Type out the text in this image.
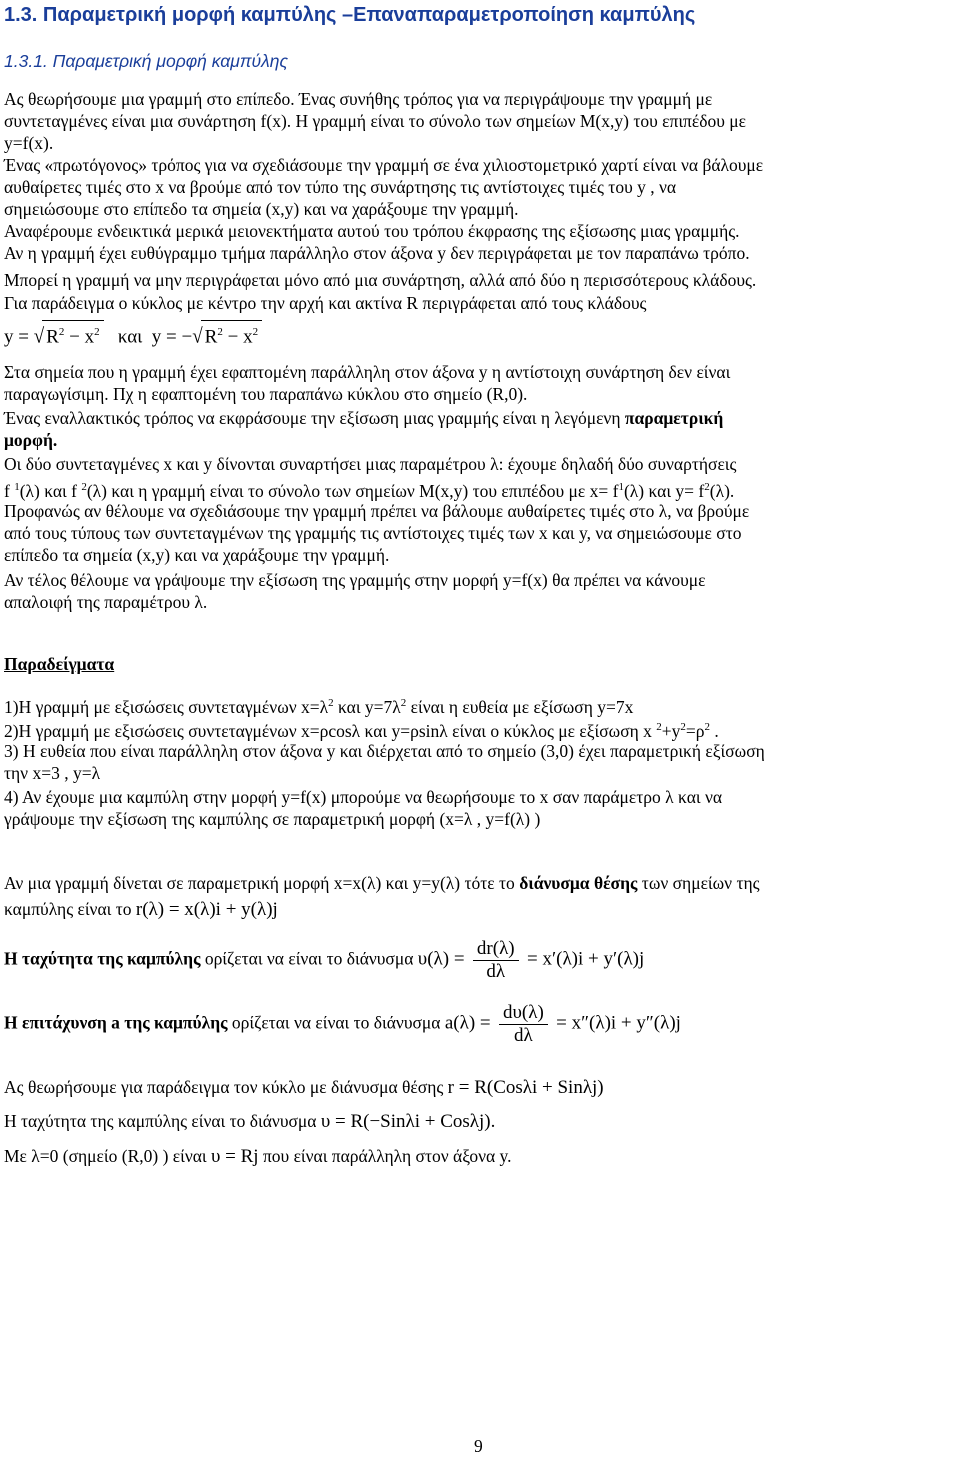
1.3. Παραμετρική μορφή καμπύλης –Επαναπαραμετροποίηση καμπύλης
1.3.1. Παραμετρική μορφή καμπύλης
Ας θεωρήσουμε μια γραμμή στο επίπεδο. Ένας συνήθης τρόπος για να περιγράψουμε την γραμμή με
συντεταγμένες είναι μια συνάρτηση f(x). Η γραμμή είναι το σύνολο των σημείων Μ(x,y) του επιπέδου με
y=f(x).
Ένας «πρωτόγονος» τρόπος για να σχεδιάσουμε την γραμμή σε ένα χιλιοστομετρικό χαρτί είναι να βάλουμε
αυθαίρετες τιμές στο x να βρούμε από τον τύπο της συνάρτησης τις αντίστοιχες τιμές του y , να
σημειώσουμε στο επίπεδο τα σημεία (x,y) και να χαράξουμε την γραμμή.
Αναφέρουμε ενδεικτικά μερικά μειονεκτήματα αυτού του τρόπου έκφρασης της εξίσωσης μιας γραμμής.
Αν η γραμμή έχει ευθύγραμμο τμήμα παράλληλο στον άξονα y δεν περιγράφεται με τον παραπάνω τρόπο.
Μπορεί η γραμμή να μην περιγράφεται μόνο από μια συνάρτηση, αλλά από δύο η περισσότερους κλάδους.
Για παράδειγμα ο κύκλος με κέντρο την αρχή και ακτίνα R περιγράφεται από τους κλάδους
y = √ $R^2 - x^2$ και y = −√ $R^2 - x^2$
Στα σημεία που η γραμμή έχει εφαπτομένη παράλληλη στον άξονα y η αντίστοιχη συνάρτηση δεν είναι
παραγωγίσιμη. Πχ η εφαπτομένη του παραπάνω κύκλου στο σημείο (R,0).
Ένας εναλλακτικός τρόπος να εκφράσουμε την εξίσωση μιας γραμμής είναι η λεγόμενη παραμετρική
μορφή.
Οι δύο συντεταγμένες x και y δίνονται συναρτήσει μιας παραμέτρου λ: έχουμε δηλαδή δύο συναρτήσεις
f $^1$(λ) και f $^2$(λ) και η γραμμή είναι το σύνολο των σημείων Μ(x,y) του επιπέδου με $x= f^1(\lambda)$ και $y= f^2(\lambda)$.
Προφανώς αν θέλουμε να σχεδιάσουμε την γραμμή πρέπει να βάλουμε αυθαίρετες τιμές στο λ, να βρούμε
από τους τύπους των συντεταγμένων της γραμμής τις αντίστοιχες τιμές των x και y, να σημειώσουμε στο
επίπεδο τα σημεία (x,y) και να χαράξουμε την γραμμή.
Αν τέλος θέλουμε να γράψουμε την εξίσωση της γραμμής στην μορφή y=f(x) θα πρέπει να κάνουμε
απαλοιφή της παραμέτρου λ.
Παραδείγματα
1)Η γραμμή με εξισώσεις συντεταγμένων $x=\lambda^2$ και $y=7\lambda^2$ είναι η ευθεία με εξίσωση y=7x
2)Η γραμμή με εξισώσεις συντεταγμένων x=ρcosλ και y=ρsinλ είναι ο κύκλος με εξίσωση x $^2+y^2=\rho^2$ .
3) Η ευθεία που είναι παράλληλη στον άξονα y και διέρχεται από το σημείο (3,0) έχει παραμετρική εξίσωση
την x=3 , y=λ
4) Αν έχουμε μια καμπύλη στην μορφή y=f(x) μπορούμε να θεωρήσουμε το x σαν παράμετρο λ και να
γράψουμε την εξίσωση της καμπύλης σε παραμετρική μορφή (x=λ , y=f(λ) )
Αν μια γραμμή δίνεται σε παραμετρική μορφή x=x(λ) και y=y(λ) τότε το διάνυσμα θέσης των σημείων της
καμπύλης είναι το r(λ) = x(λ)i + y(λ)j
Η ταχύτητα της καμπύλης ορίζεται να είναι το διάνυσμα $\upsilon(\lambda) = \frac{dr(\lambda)}{d\lambda} = x'(\lambda)i + y'(\lambda)j$
Η επιτάχυνση a της καμπύλης ορίζεται να είναι το διάνυσμα $a(\lambda) = \frac{d\upsilon(\lambda)}{d\lambda} = x''(\lambda)i + y''(\lambda)j$
Ας θεωρήσουμε για παράδειγμα τον κύκλο με διάνυσμα θέσης r = R(Cosλi + Sinλj)
Η ταχύτητα της καμπύλης είναι το διάνυσμα υ = R(−Sinλi + Cosλj).
Με λ=0 (σημείο (R,0) ) είναι υ = Rj που είναι παράλληλη στον άξονα y.
9
